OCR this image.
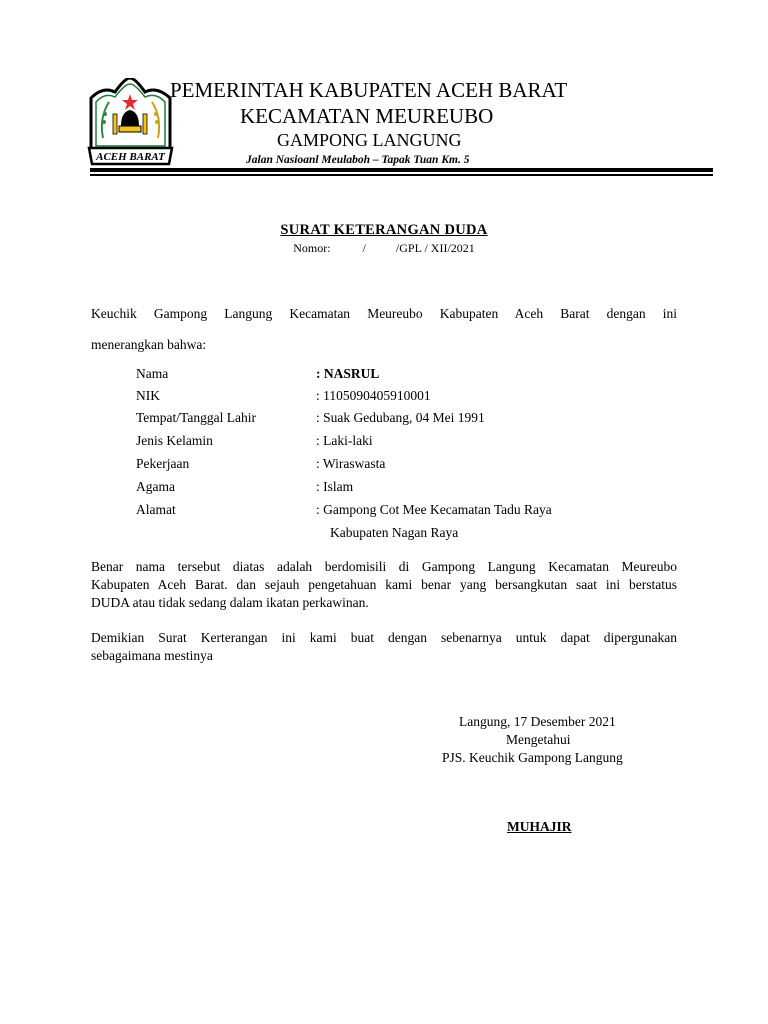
ACEH BARAT
PEMERINTAH KABUPATEN ACEH BARAT
KECAMATAN MEUREUBO
GAMPONG LANGUNG
Jalan Nasioanl Meulaboh – Tapak Tuan Km. 5
SURAT KETERANGAN DUDA
Nomor:	/	/GPL / XII/2021
Keuchik Gampong Langung Kecamatan Meureubo Kabupaten Aceh Barat dengan ini
menerangkan bahwa:
Nama	: NASRUL
NIK	: 1105090405910001
Tempat/Tanggal Lahir	: Suak Gedubang, 04 Mei 1991
Jenis Kelamin	: Laki-laki
Pekerjaan	: Wiraswasta
Agama	: Islam
Alamat	: Gampong Cot Mee Kecamatan Tadu Raya
Kabupaten Nagan Raya
Benar nama tersebut diatas adalah berdomisili di Gampong Langung Kecamatan Meureubo
Kabupaten Aceh Barat. dan sejauh pengetahuan kami benar yang bersangkutan saat ini berstatus
DUDA atau tidak sedang dalam ikatan perkawinan.
Demikian Surat Kerterangan ini kami buat dengan sebenarnya untuk dapat dipergunakan
sebagaimana mestinya
Langung, 17 Desember 2021
Mengetahui
PJS. Keuchik Gampong Langung
MUHAJIR
